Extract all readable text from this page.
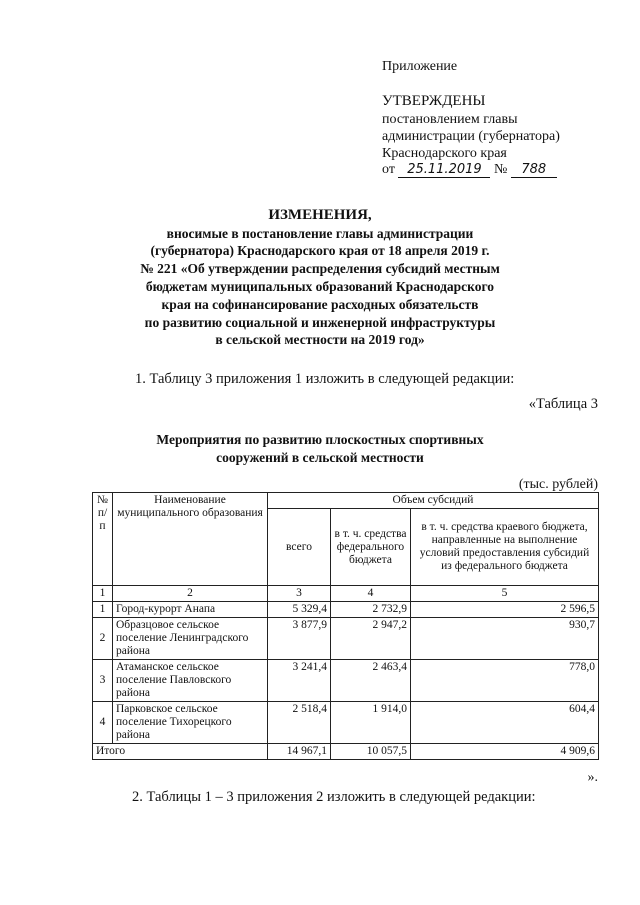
Приложение
УТВЕРЖДЕНЫ
постановлением главы
администрации (губернатора)
Краснодарского края
от 25.11.2019 № 788
ИЗМЕНЕНИЯ,
вносимые в постановление главы администрации
(губернатора) Краснодарского края от 18 апреля 2019 г.
№ 221 «Об утверждении распределения субсидий местным
бюджетам муниципальных образований Краснодарского
края на софинансирование расходных обязательств
по развитию социальной и инженерной инфраструктуры
в сельской местности на 2019 год»
1. Таблицу 3 приложения 1 изложить в следующей редакции:
«Таблица 3
Мероприятия по развитию плоскостных спортивных
сооружений в сельской местности
(тыс. рублей)
№ п/п	Наименование муниципального образования	Объем субсидий		
		всего	в т. ч. средства федерального бюджета	в т. ч. средства краевого бюджета, направленные на выполнение условий предоставления субсидий из федерального бюджета
1	2	3	4	5
1	Город-курорт Анапа	5 329,4	2 732,9	2 596,5
2	Образцовое сельское поселение Ленинградского района	3 877,9	2 947,2	930,7
3	Атаманское сельское поселение Павловского района	3 241,4	2 463,4	778,0
4	Парковское сельское поселение Тихорецкого района	2 518,4	1 914,0	604,4
Итого		14 967,1	10 057,5	4 909,6
».
2. Таблицы 1 – 3 приложения 2 изложить в следующей редакции:
